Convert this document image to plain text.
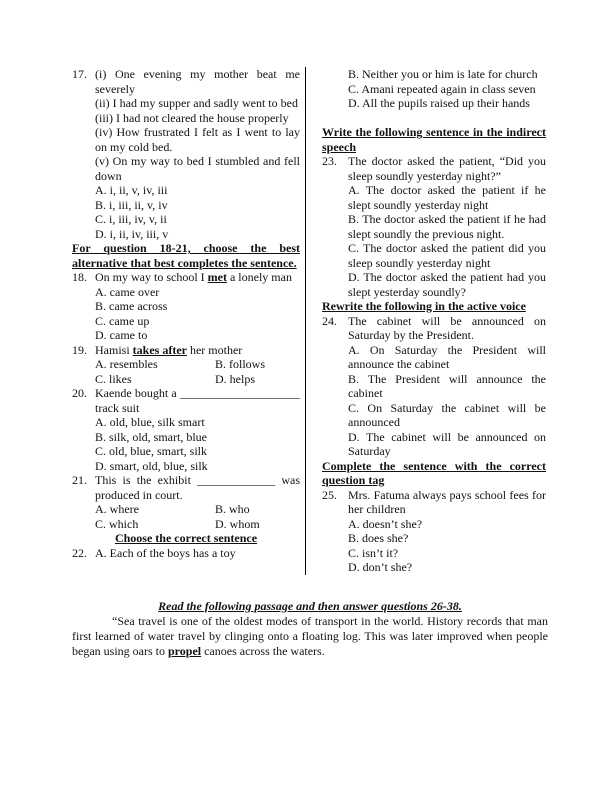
17. (i) One evening my mother beat me severely
(ii) I had my supper and sadly went to bed
(iii) I had not cleared the house properly
(iv) How frustrated I felt as I went to lay on my cold bed.
(v) On my way to bed I stumbled and fell down
A. i, ii, v, iv, iii
B. i, iii, ii, v, iv
C. i, iii, iv, v, ii
D. i, ii, iv, iii, v
For question 18-21, choose the best alternative that best completes the sentence.
18. On my way to school I met a lonely man
A. came over
B. came across
C. came up
D. came to
19. Hamisi takes after her mother
A. resembles	B. follows
C. likes	D. helps
20. Kaende bought a ____________________ track suit
A. old, blue, silk smart
B. silk, old, smart, blue
C. old, blue, smart, silk
D. smart, old, blue, silk
21. This is the exhibit _____________ was produced in court.
A. where	B. who
C. which	D. whom
Choose the correct sentence
22. A. Each of the boys has a toy
B. Neither you or him is late for church
C. Amani repeated again in class seven
D. All the pupils raised up their hands
Write the following sentence in the indirect speech
23. The doctor asked the patient, “Did you sleep soundly yesterday night?”
A. The doctor asked the patient if he slept soundly yesterday night
B. The doctor asked the patient if he had slept soundly the previous night.
C. The doctor asked the patient did you sleep soundly yesterday night
D. The doctor asked the patient had you slept yesterday soundly?
Rewrite the following in the active voice
24. The cabinet will be announced on Saturday by the President.
A. On Saturday the President will announce the cabinet
B. The President will announce the cabinet
C. On Saturday the cabinet will be announced
D. The cabinet will be announced on Saturday
Complete the sentence with the correct question tag
25. Mrs. Fatuma always pays school fees for her children
A. doesn’t she?
B. does she?
C. isn’t it?
D. don’t she?
Read the following passage and then answer questions 26-38.
“Sea travel is one of the oldest modes of transport in the world. History records that man first learned of water travel by clinging onto a floating log. This was later improved when people began using oars to propel canoes across the waters.
